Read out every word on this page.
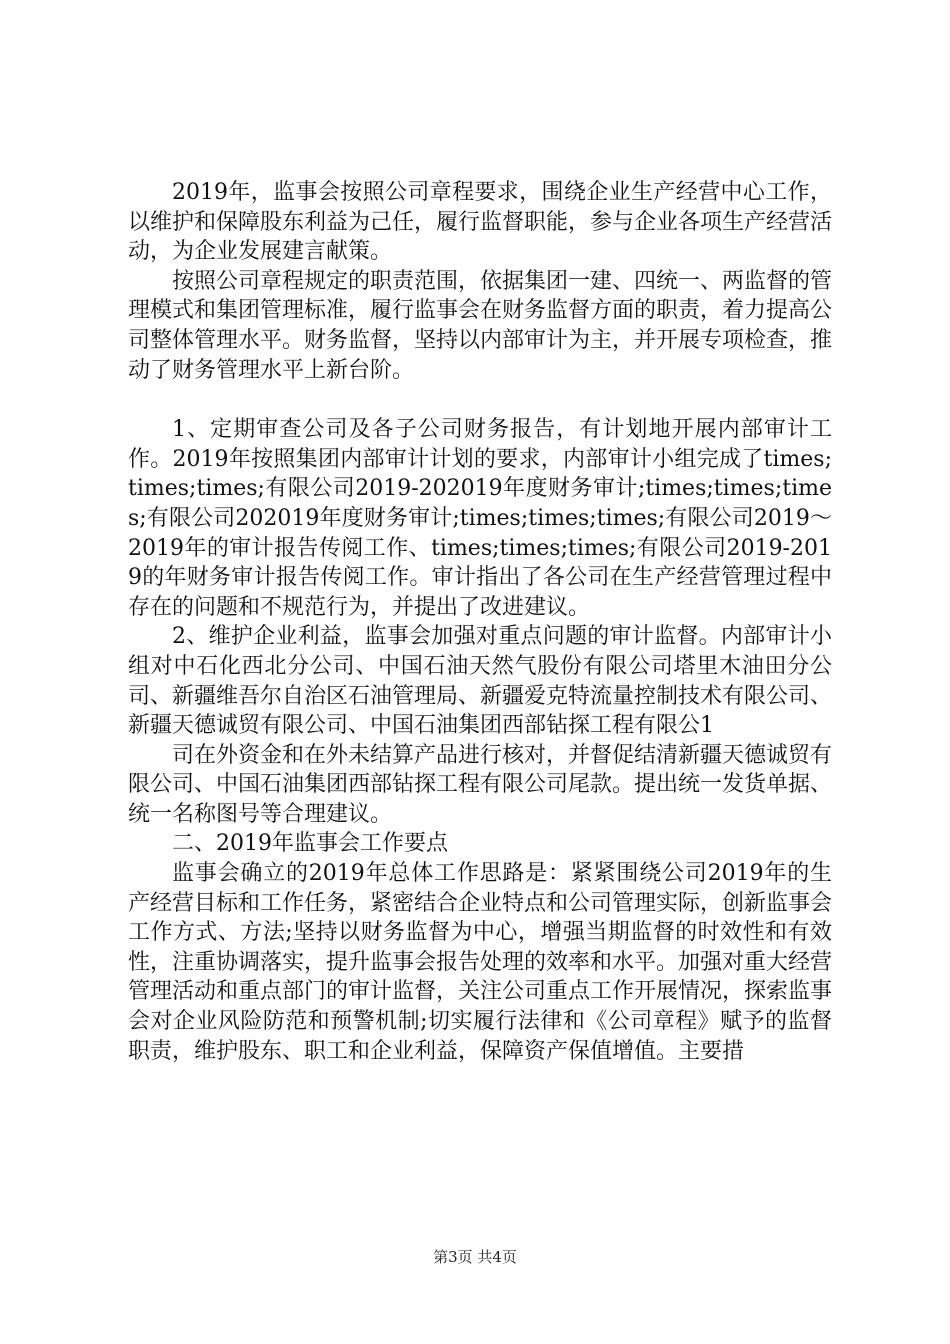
2019年，监事会按照公司章程要求，围绕企业生产经营中心工作，以维护和保障股东利益为己任，履行监督职能，参与企业各项生产经营活动，为企业发展建言献策。

按照公司章程规定的职责范围，依据集团一建、四统一、两监督的管理模式和集团管理标准，履行监事会在财务监督方面的职责，着力提高公司整体管理水平。财务监督，坚持以内部审计为主，并开展专项检查，推动了财务管理水平上新台阶。

1、定期审查公司及各子公司财务报告，有计划地开展内部审计工作。2019年按照集团内部审计计划的要求，内部审计小组完成了times;times;times;有限公司2019-202019年度财务审计;times;times;times;有限公司202019年度财务审计;times;times;times;有限公司2019～2019年的审计报告传阅工作、times;times;times;有限公司2019-2019的年财务审计报告传阅工作。审计指出了各公司在生产经营管理过程中存在的问题和不规范行为，并提出了改进建议。

2、维护企业利益，监事会加强对重点问题的审计监督。内部审计小组对中石化西北分公司、中国石油天然气股份有限公司塔里木油田分公司、新疆维吾尔自治区石油管理局、新疆爱克特流量控制技术有限公司、新疆天德诚贸有限公司、中国石油集团西部钻探工程有限公1

司在外资金和在外未结算产品进行核对，并督促结清新疆天德诚贸有限公司、中国石油集团西部钻探工程有限公司尾款。提出统一发货单据、统一名称图号等合理建议。

二、2019年监事会工作要点

监事会确立的2019年总体工作思路是：紧紧围绕公司2019年的生产经营目标和工作任务，紧密结合企业特点和公司管理实际，创新监事会工作方式、方法;坚持以财务监督为中心，增强当期监督的时效性和有效性，注重协调落实，提升监事会报告处理的效率和水平。加强对重大经营管理活动和重点部门的审计监督，关注公司重点工作开展情况，探索监事会对企业风险防范和预警机制;切实履行法律和《公司章程》赋予的监督职责，维护股东、职工和企业利益，保障资产保值增值。主要措

第3页 共4页
